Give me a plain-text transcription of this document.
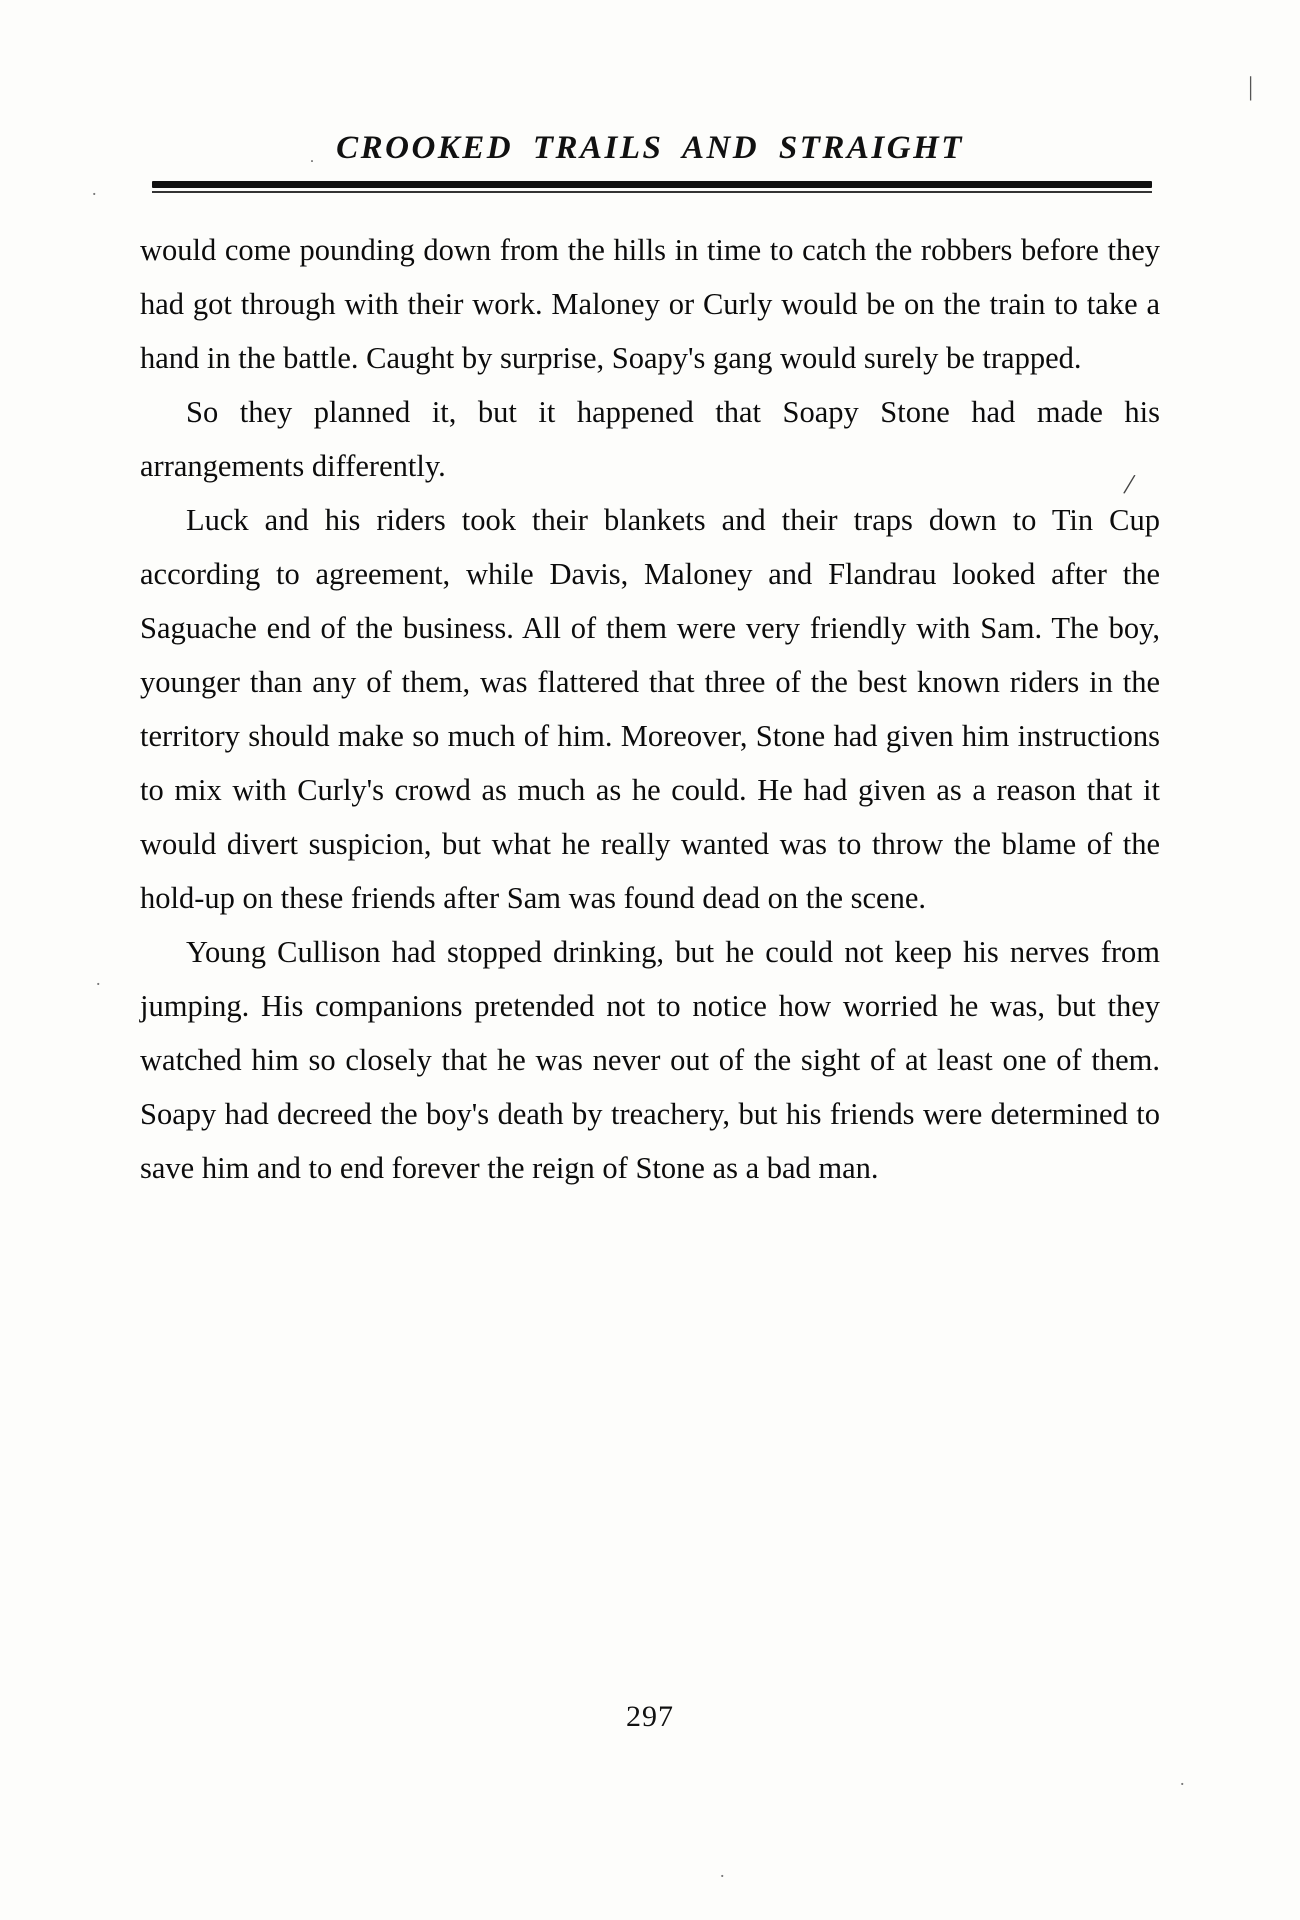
|
.
.
.
.
.
/
CROOKED TRAILS AND STRAIGHT

would come pounding down from the hills in time to catch the robbers before they had got through with their work. Maloney or Curly would be on the train to take a hand in the battle. Caught by surprise, Soapy's gang would surely be trapped.

So they planned it, but it happened that Soapy Stone had made his arrangements differently.

Luck and his riders took their blankets and their traps down to Tin Cup according to agreement, while Davis, Maloney and Flandrau looked after the Saguache end of the business. All of them were very friendly with Sam. The boy, younger than any of them, was flattered that three of the best known riders in the territory should make so much of him. Moreover, Stone had given him instructions to mix with Curly's crowd as much as he could. He had given as a reason that it would divert suspicion, but what he really wanted was to throw the blame of the hold-up on these friends after Sam was found dead on the scene.

Young Cullison had stopped drinking, but he could not keep his nerves from jumping. His companions pretended not to notice how worried he was, but they watched him so closely that he was never out of the sight of at least one of them. Soapy had decreed the boy's death by treachery, but his friends were determined to save him and to end forever the reign of Stone as a bad man.

297
